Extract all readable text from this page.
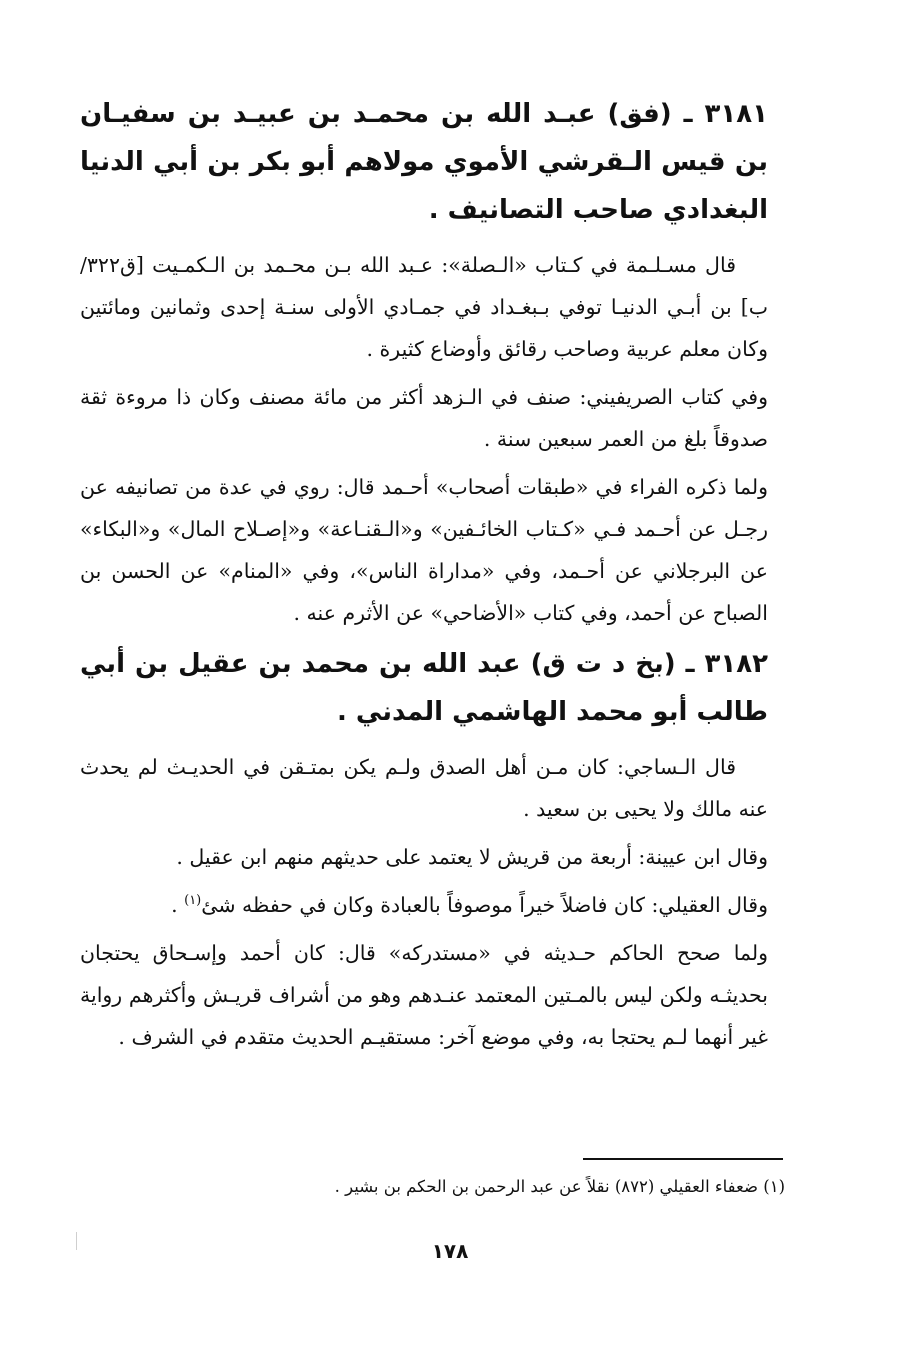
٣١٨١ ـ (فق) عبـد الله بن محمـد بن عبيـد بن سفيـان بن قيس الـقرشي الأموي مولاهم أبو بكر بن أبي الدنيا البغدادي صاحب التصانيف .

قال مسـلـمة في كـتاب «الـصلة»: عـبد الله بـن محـمد بن الـكمـيت [ق٣٢٢/ب] بن أبـي الدنيـا توفي بـبغـداد في جمـادي الأولى سنـة إحدى وثمانين ومائتين وكان معلم عربية وصاحب رقائق وأوضاع كثيرة .

وفي كتاب الصريفيني: صنف في الـزهد أكثر من مائة مصنف وكان ذا مروءة ثقة صدوقاً بلغ من العمر سبعين سنة .

ولما ذكره الفراء في «طبقات أصحاب» أحـمد قال: روي في عدة من تصانيفه عن رجـل عن أحـمد فـي «كـتاب الخائـفين» و«الـقنـاعة» و«إصـلاح المال» و«البكاء» عن البرجلاني عن أحـمد، وفي «مداراة الناس»، وفي «المنام» عن الحسن بن الصباح عن أحمد، وفي كتاب «الأضاحي» عن الأثرم عنه .

٣١٨٢ ـ (بخ د ت ق) عبد الله بن محمد بن عقيل بن أبي طالب أبو محمد الهاشمي المدني .

قال الـساجي: كان مـن أهل الصدق ولـم يكن بمتـقن في الحديـث لم يحدث عنه مالك ولا يحيى بن سعيد .

وقال ابن عيينة: أربعة من قريش لا يعتمد على حديثهم منهم ابن عقيل .

وقال العقيلي: كان فاضلاً خيراً موصوفاً بالعبادة وكان في حفظه شئ$^{(١)}$ .

ولما صحح الحاكم حـديثه في «مستدركه» قال: كان أحمد وإسـحاق يحتجان بحديثـه ولكن ليس بالمـتين المعتمد عنـدهم وهو من أشراف قريـش وأكثرهم رواية غير أنهما لـم يحتجا به، وفي موضع آخر: مستقيـم الحديث متقدم في الشرف .

(١) ضعفاء العقيلي (٨٧٢) نقلاً عن عبد الرحمن بن الحكم بن بشير .
١٧٨
